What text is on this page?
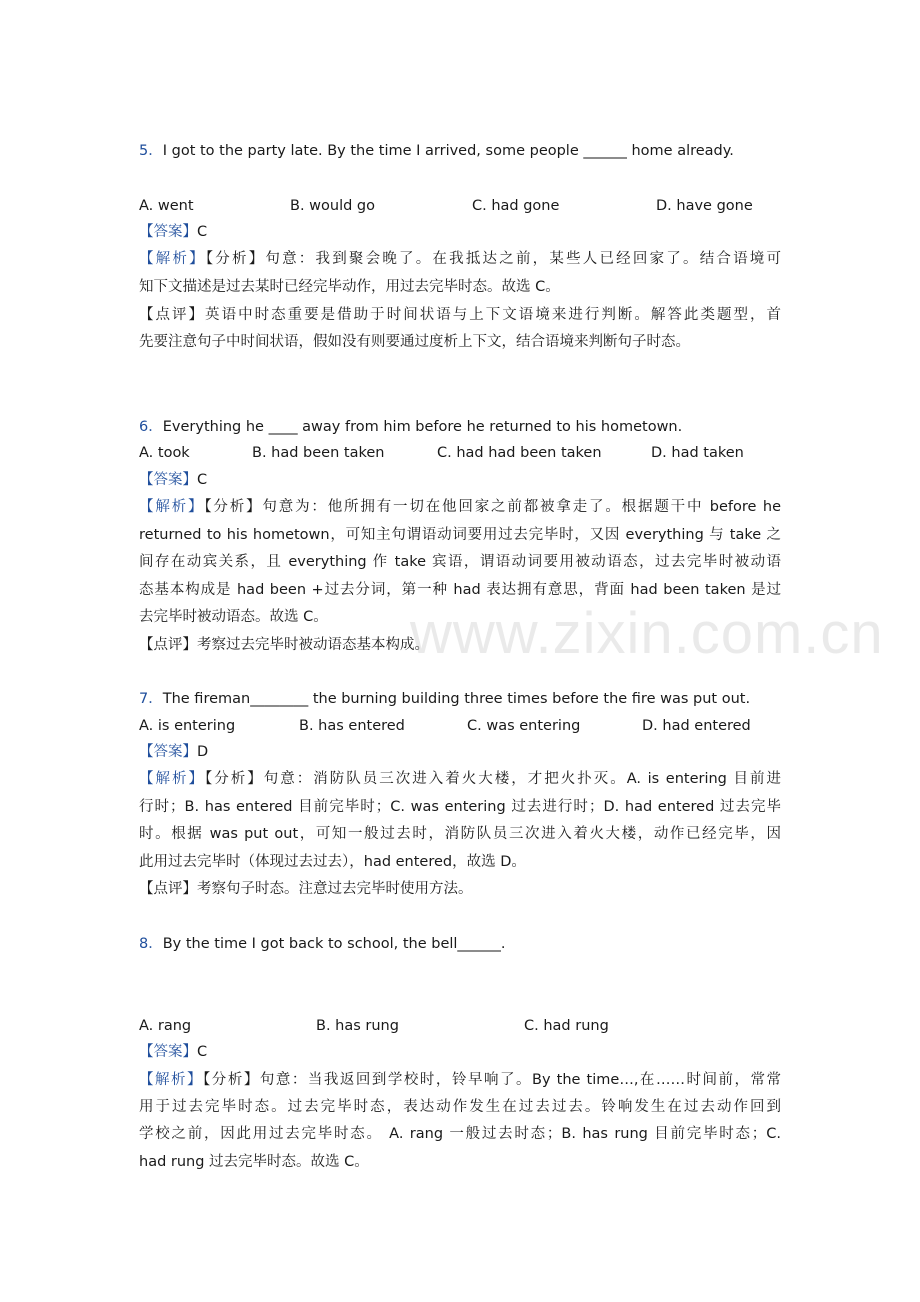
www.zixin.com.cn
5．I got to the party late. By the time I arrived, some people ______ home already.
A. went	B. would go	C. had gone	D. have gone
【答案】C
【解析】【分析】句意：我到聚会晚了。在我抵达之前，某些人已经回家了。结合语境可
知下文描述是过去某时已经完毕动作，用过去完毕时态。故选 C。
【点评】英语中时态重要是借助于时间状语与上下文语境来进行判断。解答此类题型，首
先要注意句子中时间状语，假如没有则要通过度析上下文，结合语境来判断句子时态。
6．Everything he ____ away from him before he returned to his hometown.
A. took	B. had been taken	C. had had been taken	D. had taken
【答案】C
【解析】【分析】句意为：他所拥有一切在他回家之前都被拿走了。根据题干中 before he
returned to his hometown，可知主句谓语动词要用过去完毕时，又因 everything 与 take 之
间存在动宾关系，且 everything 作 take 宾语，谓语动词要用被动语态，过去完毕时被动语
态基本构成是 had been +过去分词，第一种 had 表达拥有意思，背面 had been taken 是过
去完毕时被动语态。故选 C。
【点评】考察过去完毕时被动语态基本构成。
7．The fireman________ the burning building three times before the fire was put out.
A. is entering	B. has entered	C. was entering	D. had entered
【答案】D
【解析】【分析】句意：消防队员三次进入着火大楼，才把火扑灭。A. is entering 目前进
行时；B. has entered 目前完毕时；C. was entering 过去进行时；D. had entered 过去完毕
时。根据 was put out，可知一般过去时，消防队员三次进入着火大楼，动作已经完毕，因
此用过去完毕时（体现过去过去），had entered，故选 D。
【点评】考察句子时态。注意过去完毕时使用方法。
8．By the time I got back to school, the bell______.
A. rang	B. has rung	C. had rung
【答案】C
【解析】【分析】句意：当我返回到学校时，铃早响了。By the time…,在……时间前，常常
用于过去完毕时态。过去完毕时态，表达动作发生在过去过去。铃响发生在过去动作回到
学校之前，因此用过去完毕时态。 A. rang 一般过去时态；B. has rung 目前完毕时态；C.
had rung 过去完毕时态。故选 C。
